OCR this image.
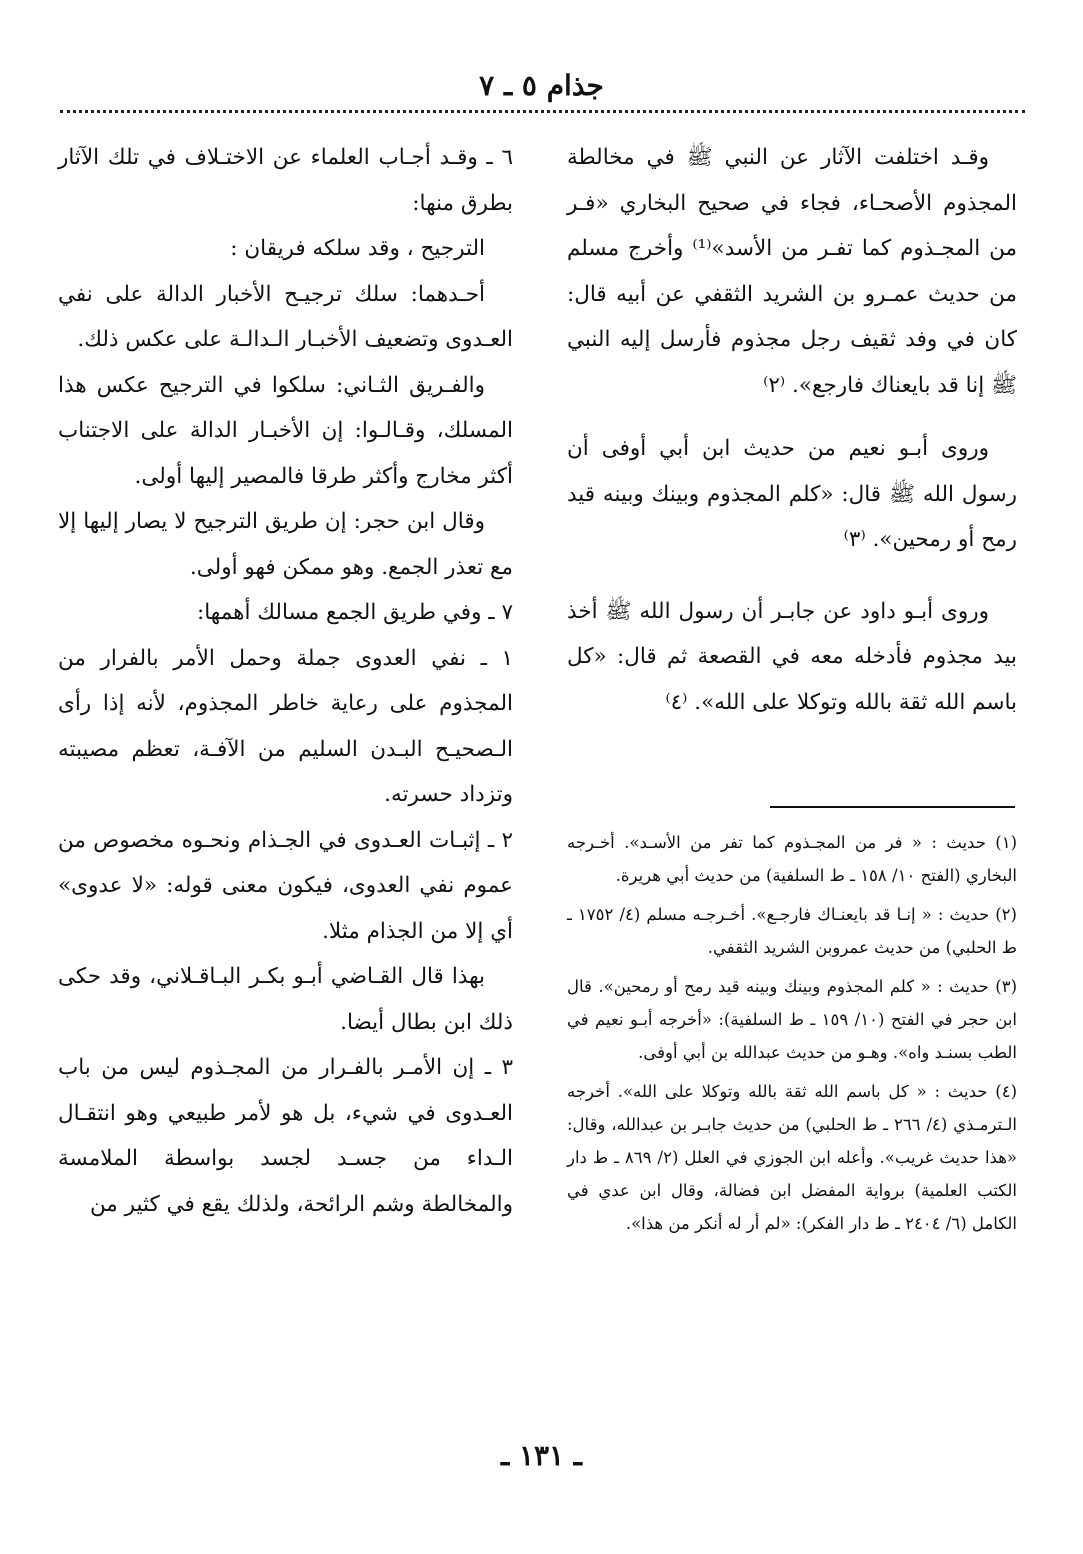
جذام ٥ ـ ٧

وقـد اختلفت الآثار عن النبي ﷺ في مخالطة المجذوم الأصحـاء، فجاء في صحيح البخاري «فـر من المجـذوم كما تفـر من الأسد»⁽¹⁾ وأخرج مسلم من حديث عمـرو بن الشريد الثقفي عن أبيه قال: كان في وفد ثقيف رجل مجذوم فأرسل إليه النبي ﷺ إنا قد بايعناك فارجع». ⁽٢⁾

وروى أبـو نعيم من حديث ابن أبي أوفى أن رسول الله ﷺ قال: «كلم المجذوم وبينك وبينه قيد رمح أو رمحين». ⁽٣⁾

وروى أبـو داود عن جابـر أن رسول الله ﷺ أخذ بيد مجذوم فأدخله معه في القصعة ثم قال: «كل باسم الله ثقة بالله وتوكلا على الله». ⁽٤⁾

(١) حديث : « فر من المجـذوم كما تفر من الأسـد». أخـرجه البخاري (الفتح ١٠/ ١٥٨ ـ ط السلفية) من حديث أبي هريرة.

(٢) حديث : « إنـا قد بايعنـاك فارجـع». أخـرجـه مسلم (٤/ ١٧٥٢ ـ ط الحلبي) من حديث عمروبن الشريد الثقفي.

(٣) حديث : « كلم المجذوم وبينك وبينه قيد رمح أو رمحين». قال ابن حجر في الفتح (١٠/ ١٥٩ ـ ط السلفية): «أخرجه أبـو نعيم في الطب بسنـد واه». وهـو من حديث عبدالله بن أبي أوفى.

(٤) حديث : « كل باسم الله ثقة بالله وتوكلا على الله». أخرجه الـترمـذي (٤/ ٢٦٦ ـ ط الحلبي) من حديث جابـر بن عبدالله، وقال: «هذا حديث غريب». وأعله ابن الجوزي في العلل (٢/ ٨٦٩ ـ ط دار الكتب العلمية) برواية المفضل ابن فضالة، وقال ابن عدي في الكامل (٦/ ٢٤٠٤ ـ ط دار الفكر): «لم أر له أنكر من هذا».

٦ ـ وقـد أجـاب العلماء عن الاختـلاف في تلك الآثار بطرق منها:

الترجيح ، وقد سلكه فريقان :

أحـدهما: سلك ترجيـح الأخبار الدالة على نفي العـدوى وتضعيف الأخبـار الـدالـة على عكس ذلك.

والفـريق الثـاني: سلكوا في الترجيح عكس هذا المسلك، وقـالـوا: إن الأخبـار الدالة على الاجتناب أكثر مخارج وأكثر طرقا فالمصير إليها أولى.

وقال ابن حجر: إن طريق الترجيح لا يصار إليها إلا مع تعذر الجمع. وهو ممكن فهو أولى.

٧ ـ وفي طريق الجمع مسالك أهمها:

١ ـ نفي العدوى جملة وحمل الأمر بالفرار من المجذوم على رعاية خاطر المجذوم، لأنه إذا رأى الـصحيـح البـدن السليم من الآفـة، تعظم مصيبته وتزداد حسرته.

٢ ـ إثبـات العـدوى في الجـذام ونحـوه مخصوص من عموم نفي العدوى، فيكون معنى قوله: «لا عدوى» أي إلا من الجذام مثلا.

بهذا قال القـاضي أبـو بكـر البـاقـلاني، وقد حكى ذلك ابن بطال أيضا.

٣ ـ إن الأمـر بالفـرار من المجـذوم ليس من باب العـدوى في شيء، بل هو لأمر طبيعي وهو انتقـال الـداء من جسـد لجسد بواسطة الملامسة والمخالطة وشم الرائحة، ولذلك يقع في كثير من

ـ ١٣١ ـ
